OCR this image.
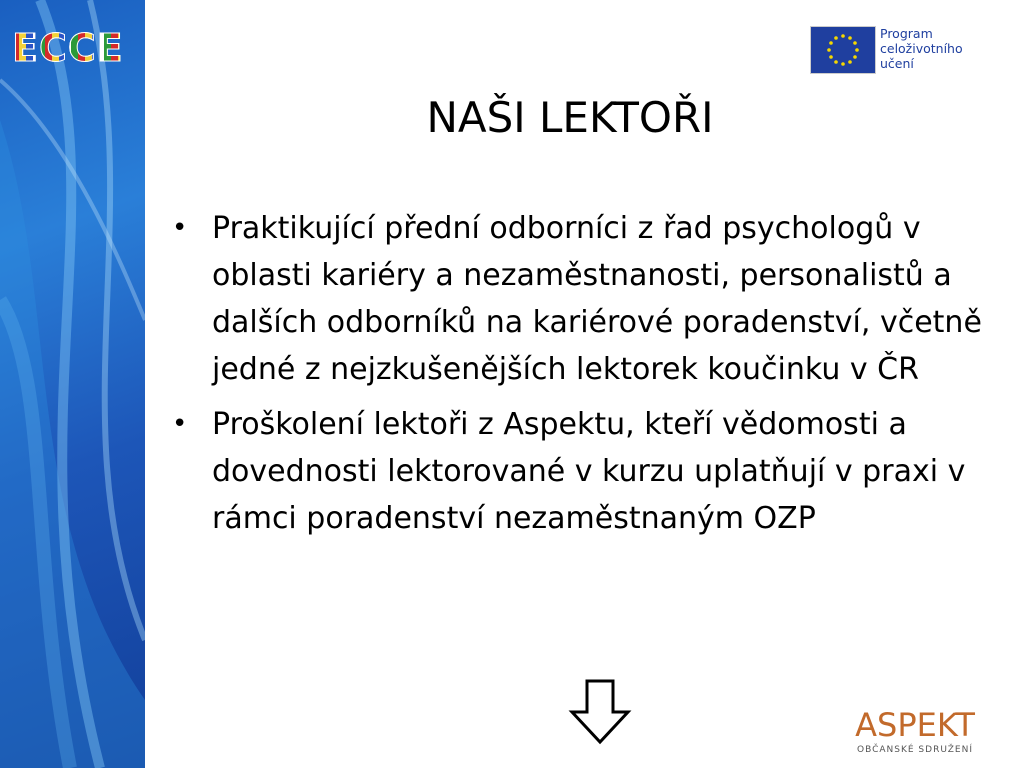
ECCE	Program
celoživotního
učení
NAŠI LEKTOŘI
• Praktikující přední odborníci z řad psychologů v oblasti kariéry a nezaměstnanosti, personalistů a dalších odborníků na kariérové poradenství, včetně jedné z nejzkušenějších lektorek koučinku v ČR
• Proškolení lektoři z Aspektu, kteří vědomosti a dovednosti lektorované v kurzu uplatňují v praxi v rámci poradenství nezaměstnaným OZP
ASPEKT
OBČANSKÉ SDRUŽENÍ
